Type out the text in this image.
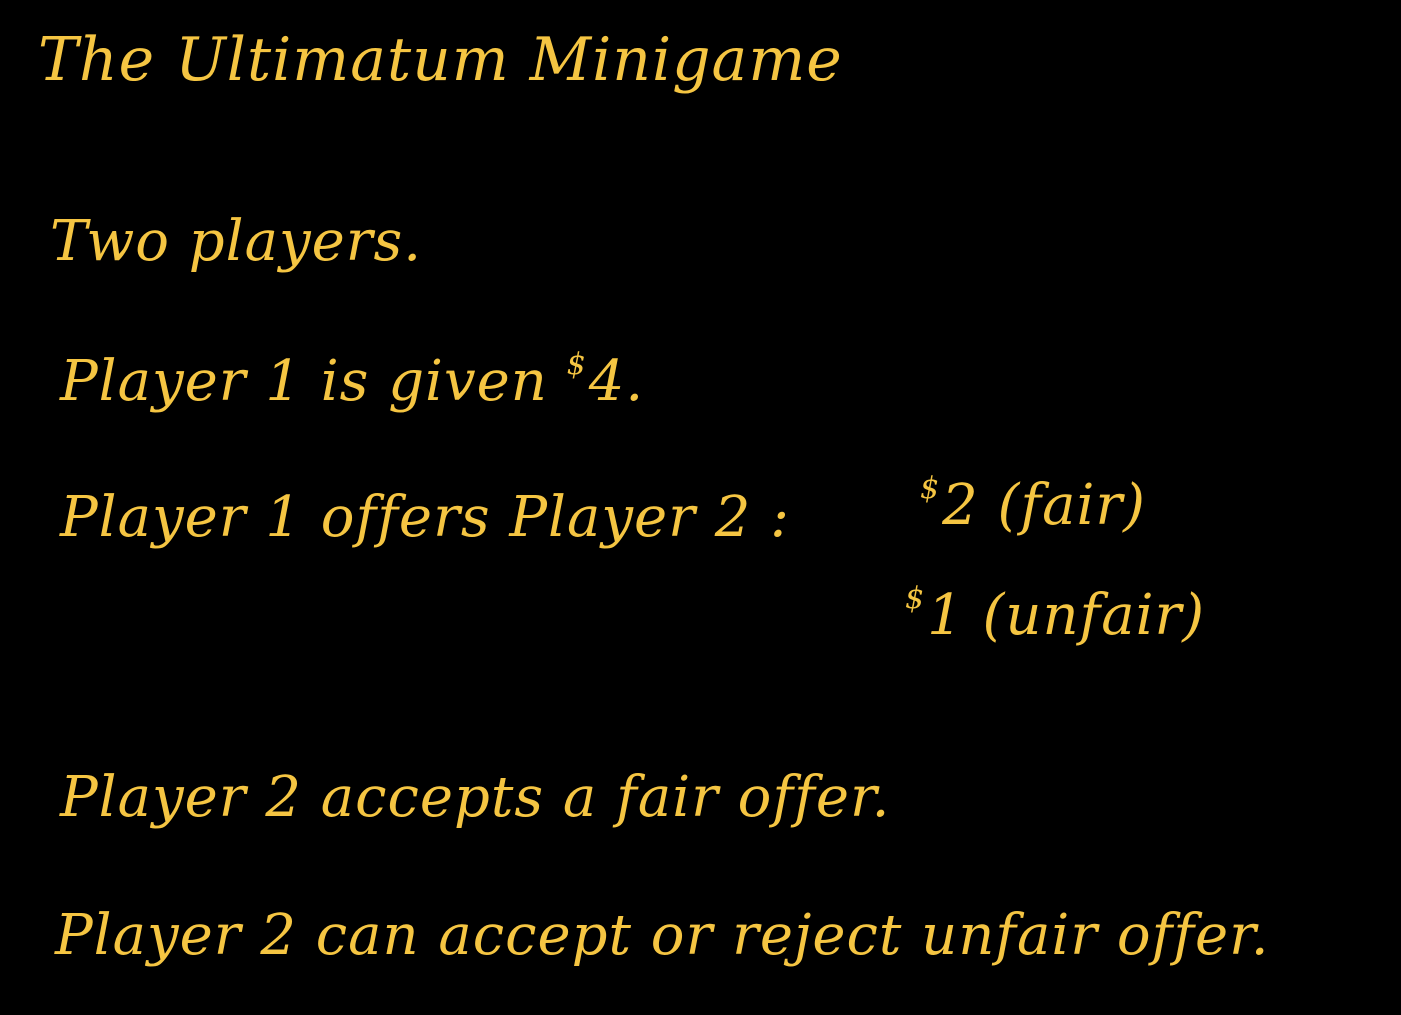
The Ultimatum Minigame
Two players.
Player 1 is given $4.
Player 1 offers Player 2 :	$2 (fair)
$1 (unfair)
Player 2 accepts a fair offer.
Player 2 can accept or reject unfair offer.
